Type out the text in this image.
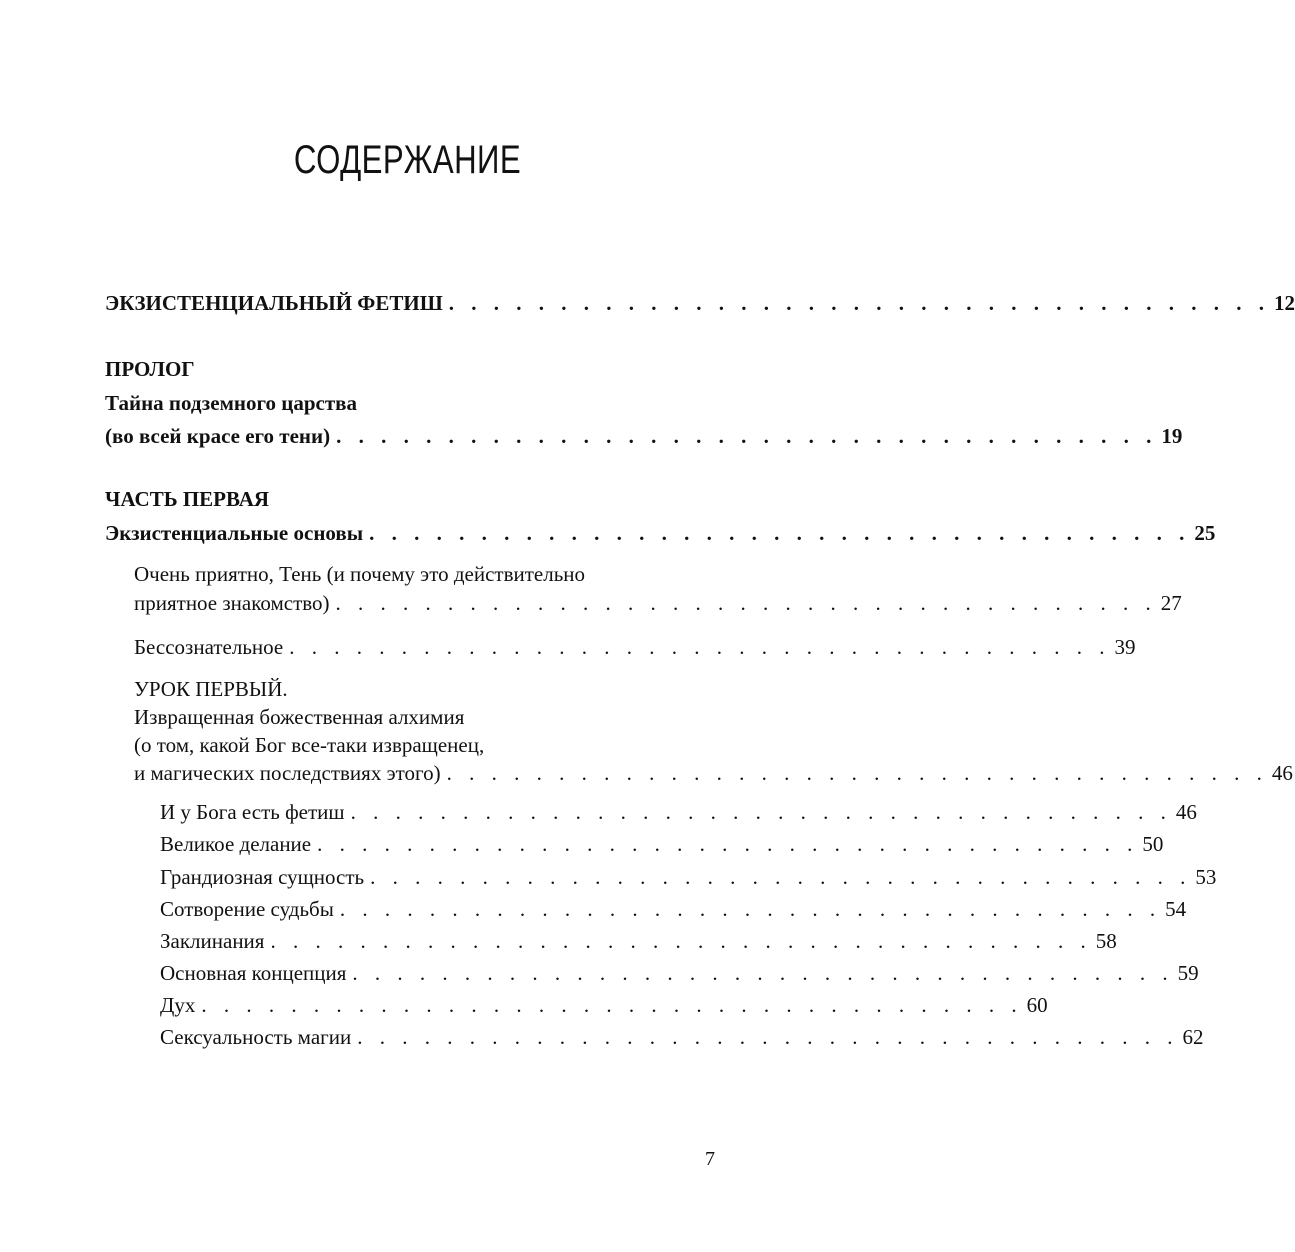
СОДЕРЖАНИЕ
ЭКЗИСТЕНЦИАЛЬНЫЙ ФЕТИШ . . . . . . . . . . . . . . . . . . . . . . . . . . . . . . . . . . . . . 12
ПРОЛОГ
Тайна подземного царства
(во всей красе его тени) . . . . . . . . . . . . . . . . . . . . . . . . . . . . . . . . . . . . . 19
ЧАСТЬ ПЕРВАЯ
Экзистенциальные основы . . . . . . . . . . . . . . . . . . . . . . . . . . . . . . . . . . . . . 25
Очень приятно, Тень (и почему это действительно
приятное знакомство) . . . . . . . . . . . . . . . . . . . . . . . . . . . . . . . . . . . . . 27
Бессознательное . . . . . . . . . . . . . . . . . . . . . . . . . . . . . . . . . . . . . 39
УРОК ПЕРВЫЙ.
Извращенная божественная алхимия
(о том, какой Бог все-таки извращенец,
и магических последствиях этого) . . . . . . . . . . . . . . . . . . . . . . . . . . . . . . . . . . . . . 46
И у Бога есть фетиш . . . . . . . . . . . . . . . . . . . . . . . . . . . . . . . . . . . . . 46
Великое делание . . . . . . . . . . . . . . . . . . . . . . . . . . . . . . . . . . . . . 50
Грандиозная сущность . . . . . . . . . . . . . . . . . . . . . . . . . . . . . . . . . . . . . 53
Сотворение судьбы . . . . . . . . . . . . . . . . . . . . . . . . . . . . . . . . . . . . . 54
Заклинания . . . . . . . . . . . . . . . . . . . . . . . . . . . . . . . . . . . . . 58
Основная концепция . . . . . . . . . . . . . . . . . . . . . . . . . . . . . . . . . . . . . 59
Дух . . . . . . . . . . . . . . . . . . . . . . . . . . . . . . . . . . . . . 60
Сексуальность магии . . . . . . . . . . . . . . . . . . . . . . . . . . . . . . . . . . . . . 62
7
